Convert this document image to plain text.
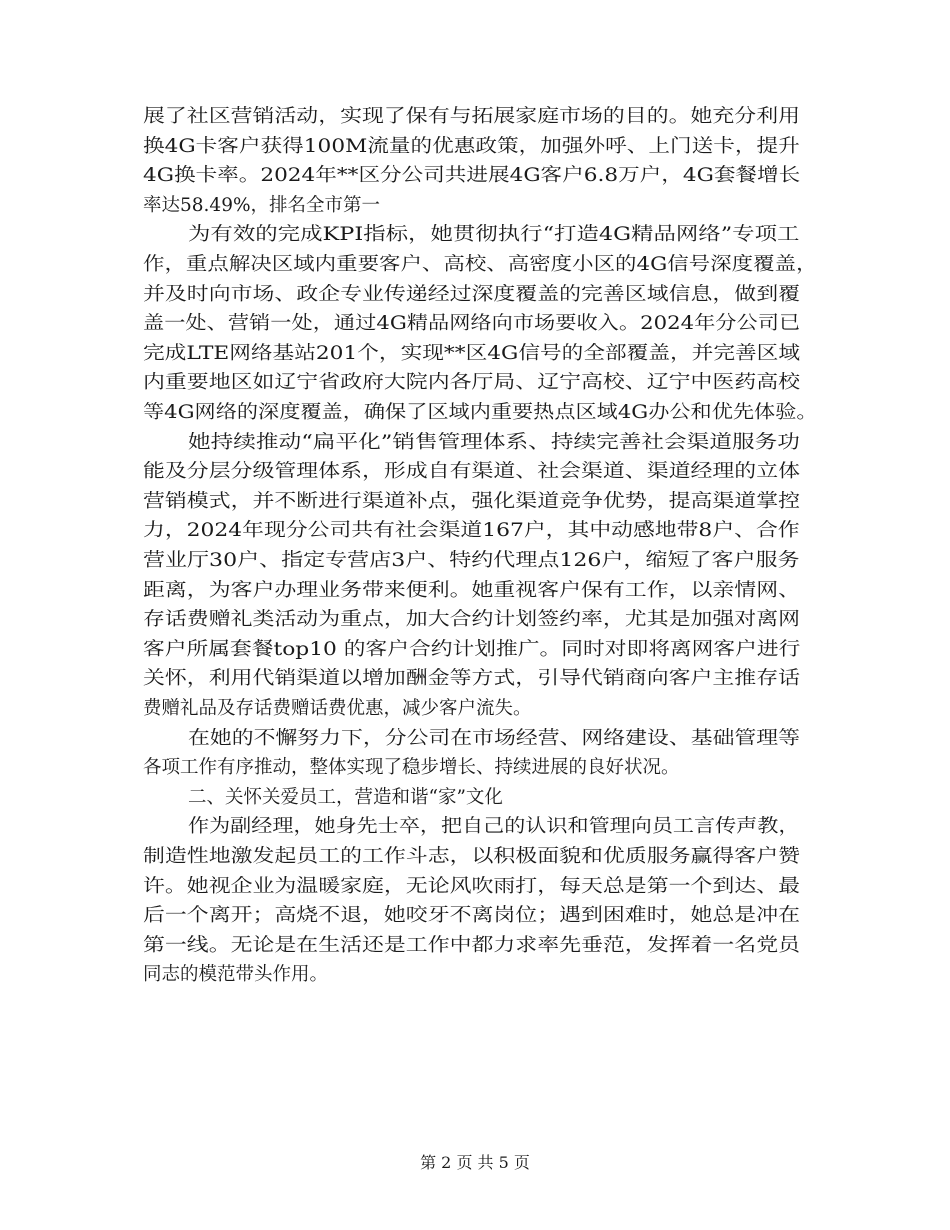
展了社区营销活动，实现了保有与拓展家庭市场的目的。她充分利用
换4G卡客户获得100M流量的优惠政策，加强外呼、上门送卡，提升
4G换卡率。2024年**区分公司共进展4G客户6.8万户，4G套餐增长
率达58.49%，排名全市第一
为有效的完成KPI指标，她贯彻执行“打造4G精品网络”专项工
作，重点解决区域内重要客户、高校、高密度小区的4G信号深度覆盖，
并及时向市场、政企专业传递经过深度覆盖的完善区域信息，做到覆
盖一处、营销一处，通过4G精品网络向市场要收入。2024年分公司已
完成LTE网络基站201个，实现**区4G信号的全部覆盖，并完善区域
内重要地区如辽宁省政府大院内各厅局、辽宁高校、辽宁中医药高校
等4G网络的深度覆盖，确保了区域内重要热点区域4G办公和优先体验。
她持续推动“扁平化”销售管理体系、持续完善社会渠道服务功
能及分层分级管理体系，形成自有渠道、社会渠道、渠道经理的立体
营销模式，并不断进行渠道补点，强化渠道竞争优势，提高渠道掌控
力，2024年现分公司共有社会渠道167户，其中动感地带8户、合作
营业厅30户、指定专营店3户、特约代理点126户，缩短了客户服务
距离，为客户办理业务带来便利。她重视客户保有工作，以亲情网、
存话费赠礼类活动为重点，加大合约计划签约率，尤其是加强对离网
客户所属套餐top10 的客户合约计划推广。同时对即将离网客户进行
关怀，利用代销渠道以增加酬金等方式，引导代销商向客户主推存话
费赠礼品及存话费赠话费优惠，减少客户流失。
在她的不懈努力下，分公司在市场经营、网络建设、基础管理等
各项工作有序推动，整体实现了稳步增长、持续进展的良好状况。
二、关怀关爱员工，营造和谐“家”文化
作为副经理，她身先士卒，把自己的认识和管理向员工言传声教，
制造性地激发起员工的工作斗志，以积极面貌和优质服务赢得客户赞
许。她视企业为温暖家庭，无论风吹雨打，每天总是第一个到达、最
后一个离开；高烧不退，她咬牙不离岗位；遇到困难时，她总是冲在
第一线。无论是在生活还是工作中都力求率先垂范，发挥着一名党员
同志的模范带头作用。
第 2 页 共 5 页
